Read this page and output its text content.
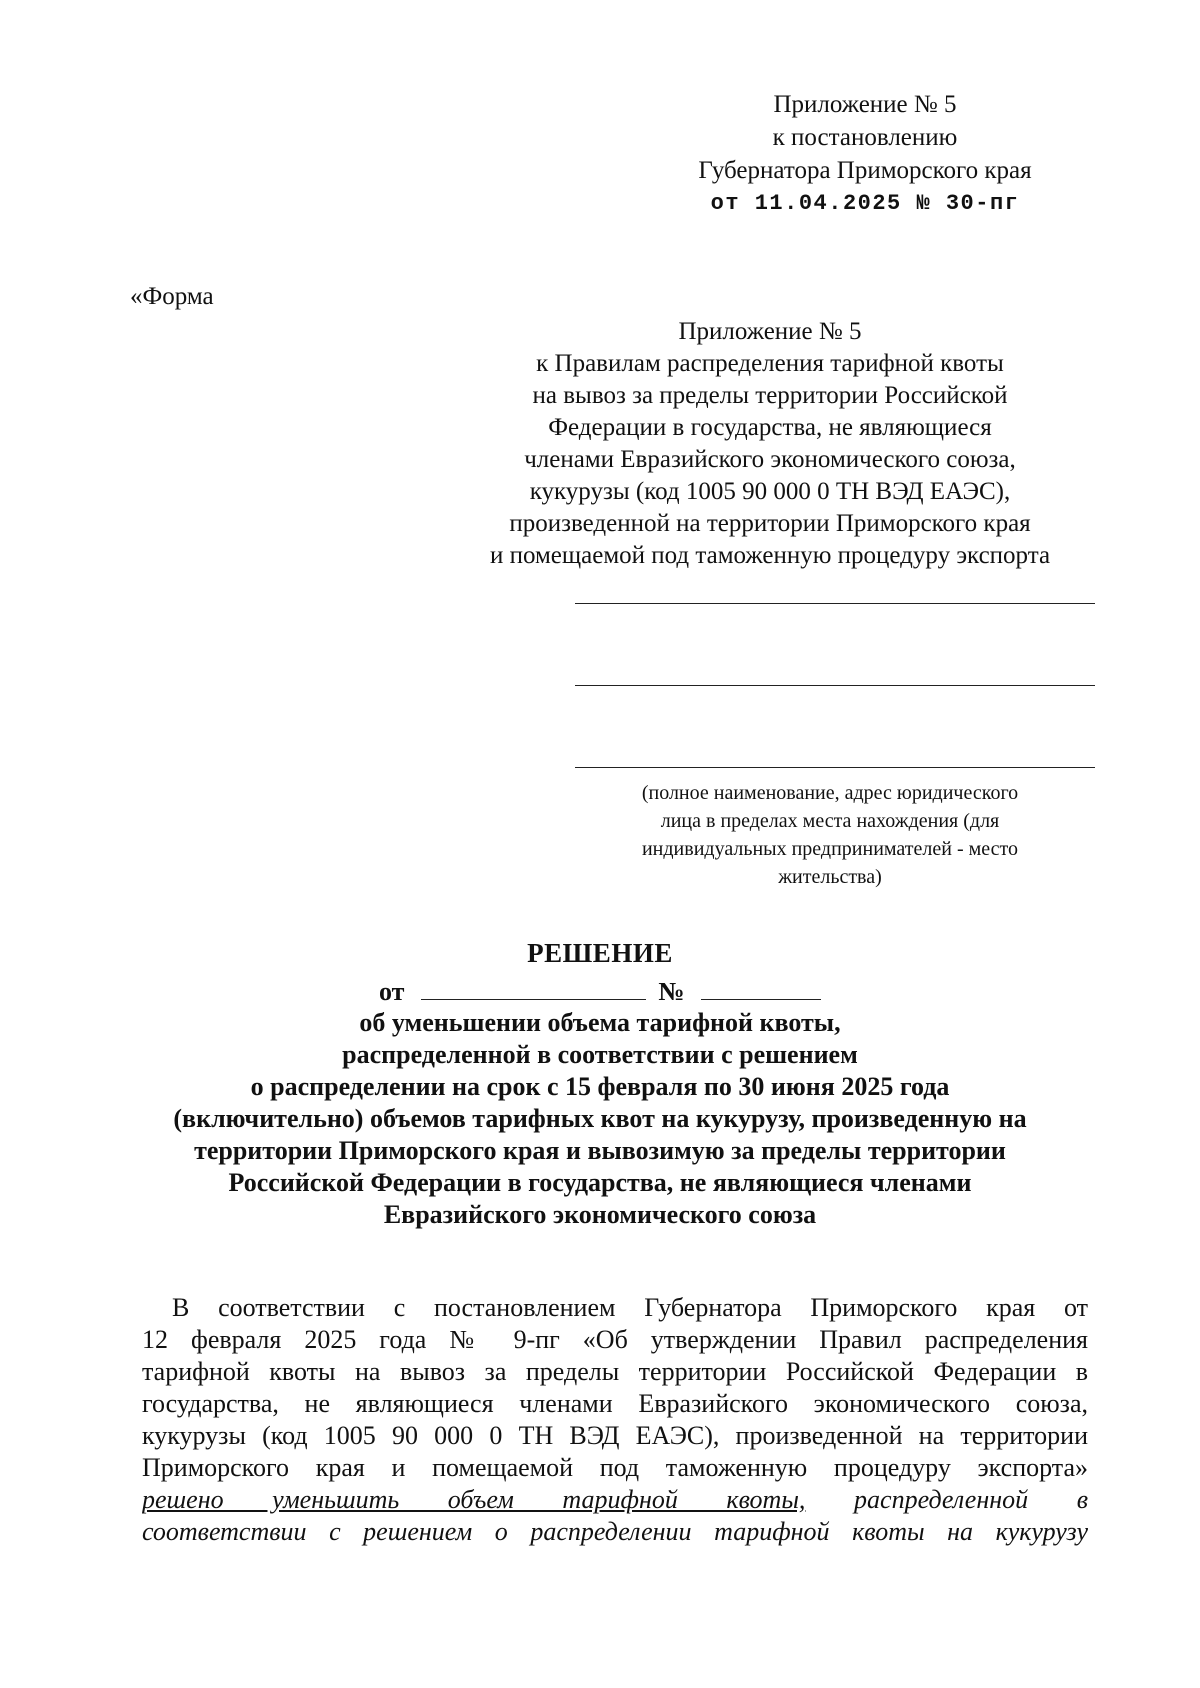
Приложение № 5
к постановлению
Губернатора Приморского края
от 11.04.2025 № 30-пг
«Форма
Приложение № 5
к Правилам распределения тарифной квоты
на вывоз за пределы территории Российской
Федерации в государства, не являющиеся
членами Евразийского экономического союза,
кукурузы (код 1005 90 000 0 ТН ВЭД ЕАЭС),
произведенной на территории Приморского края
и помещаемой под таможенную процедуру экспорта
(полное наименование, адрес юридического
лица в пределах места нахождения (для
индивидуальных предприниматeлей - место
жительства)
РЕШЕНИЕ
от	№
об уменьшении объема тарифной квоты,
распределенной в соответствии с решением
о распределении на срок с 15 февраля по 30 июня 2025 года
(включительно) объемов тарифных квот на кукурузу, произведенную на
территории Приморского края и вывозимую за пределы территории
Российской Федерации в государства, не являющиеся членами
Евразийского экономического союза
В соответствии с постановлением Губернатора Приморского края от
12 февраля 2025 года № 9-пг «Об утверждении Правил распределения
тарифной квоты на вывоз за пределы территории Российской Федерации в
государства, не являющиеся членами Евразийского экономического союза,
кукурузы (код 1005 90 000 0 ТН ВЭД ЕАЭС), произведенной на территории
Приморского края и помещаемой под таможенную процедуру экспорта»
решено уменьшить объем тарифной квоты, распределенной в
соответствии с решением о распределении тарифной квоты на кукурузу
